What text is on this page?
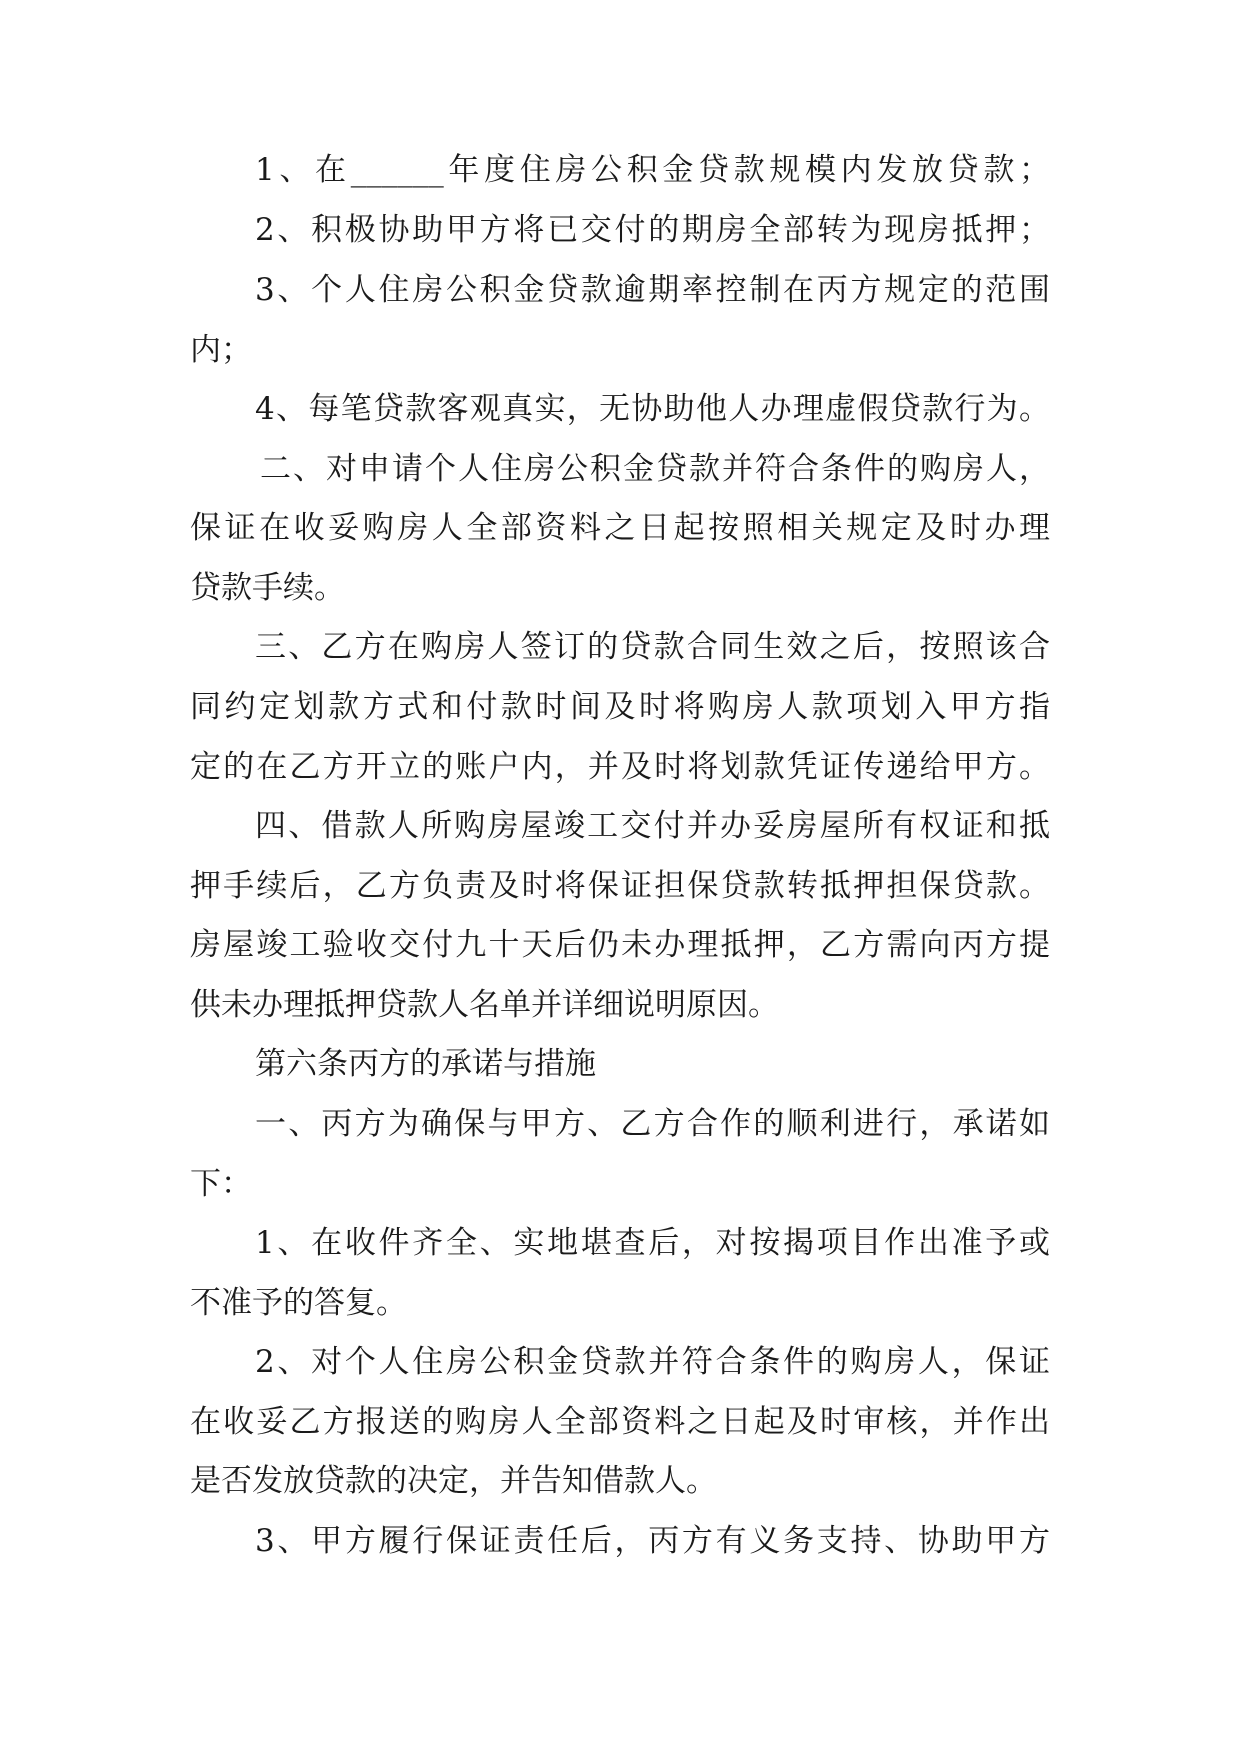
1、在______年度住房公积金贷款规模内发放贷款；
2、积极协助甲方将已交付的期房全部转为现房抵押；
3、个人住房公积金贷款逾期率控制在丙方规定的范围
内；
4、每笔贷款客观真实，无协助他人办理虚假贷款行为。
二、对申请个人住房公积金贷款并符合条件的购房人，
保证在收妥购房人全部资料之日起按照相关规定及时办理
贷款手续。
三、乙方在购房人签订的贷款合同生效之后，按照该合
同约定划款方式和付款时间及时将购房人款项划入甲方指
定的在乙方开立的账户内，并及时将划款凭证传递给甲方。
四、借款人所购房屋竣工交付并办妥房屋所有权证和抵
押手续后，乙方负责及时将保证担保贷款转抵押担保贷款。
房屋竣工验收交付九十天后仍未办理抵押，乙方需向丙方提
供未办理抵押贷款人名单并详细说明原因。
第六条丙方的承诺与措施
一、丙方为确保与甲方、乙方合作的顺利进行，承诺如
下：
1、在收件齐全、实地堪查后，对按揭项目作出准予或
不准予的答复。
2、对个人住房公积金贷款并符合条件的购房人，保证
在收妥乙方报送的购房人全部资料之日起及时审核，并作出
是否发放贷款的决定，并告知借款人。
3、甲方履行保证责任后，丙方有义务支持、协助甲方
